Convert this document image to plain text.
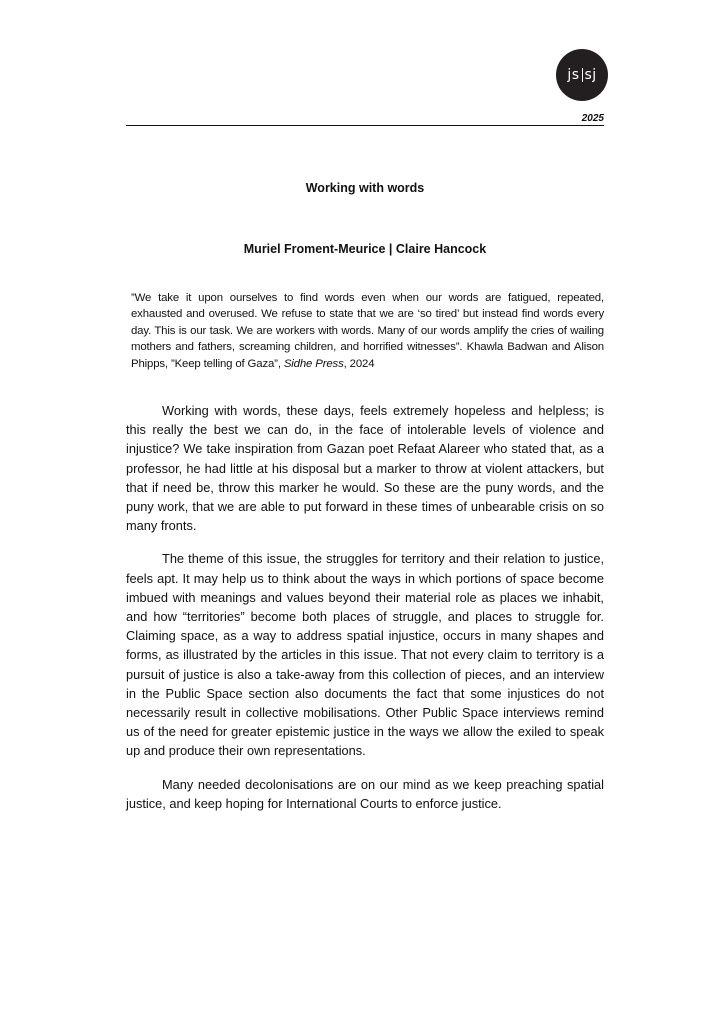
js sj
2025
Working with words
Muriel Froment-Meurice | Claire Hancock
”We take it upon ourselves to find words even when our words are fatigued, repeated, exhausted and overused. We refuse to state that we are ‘so tired’ but instead find words every day. This is our task. We are workers with words. Many of our words amplify the cries of wailing mothers and fathers, screaming children, and horrified witnesses”. Khawla Badwan and Alison Phipps, ”Keep telling of Gaza”, Sidhe Press, 2024

Working with words, these days, feels extremely hopeless and helpless; is this really the best we can do, in the face of intolerable levels of violence and injustice? We take inspiration from Gazan poet Refaat Alareer who stated that, as a professor, he had little at his disposal but a marker to throw at violent attackers, but that if need be, throw this marker he would. So these are the puny words, and the puny work, that we are able to put forward in these times of unbearable crisis on so many fronts.

The theme of this issue, the struggles for territory and their relation to justice, feels apt. It may help us to think about the ways in which portions of space become imbued with meanings and values beyond their material role as places we inhabit, and how “territories” become both places of struggle, and places to struggle for. Claiming space, as a way to address spatial injustice, occurs in many shapes and forms, as illustrated by the articles in this issue. That not every claim to territory is a pursuit of justice is also a take-away from this collection of pieces, and an interview in the Public Space section also documents the fact that some injustices do not necessarily result in collective mobilisations. Other Public Space interviews remind us of the need for greater epistemic justice in the ways we allow the exiled to speak up and produce their own representations.

Many needed decolonisations are on our mind as we keep preaching spatial justice, and keep hoping for International Courts to enforce justice.
